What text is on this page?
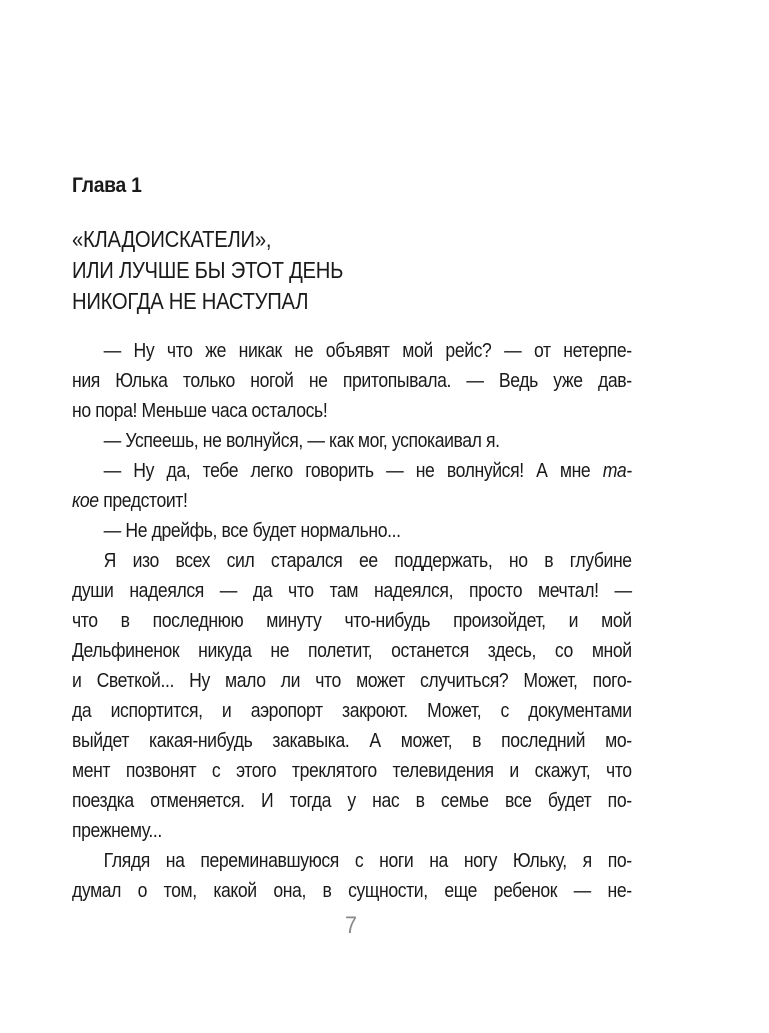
Глава 1
«КЛАДОИСКАТЕЛИ»,
ИЛИ ЛУЧШЕ БЫ ЭТОТ ДЕНЬ
НИКОГДА НЕ НАСТУПАЛ
— Ну что же никак не объявят мой рейс? — от нетерпе-
ния Юлька только ногой не притопывала. — Ведь уже дав-
но пора! Меньше часа осталось!
— Успеешь, не волнуйся, — как мог, успокаивал я.
— Ну да, тебе легко говорить — не волнуйся! А мне та-
кое предстоит!
— Не дрейфь, все будет нормально...
Я изо всех сил старался ее поддержать, но в глубине
души надеялся — да что там надеялся, просто мечтал! —
что в последнюю минуту что-нибудь произойдет, и мой
Дельфиненок никуда не полетит, останется здесь, со мной
и Светкой... Ну мало ли что может случиться? Может, пого-
да испортится, и аэропорт закроют. Может, с документами
выйдет какая-нибудь закавыка. А может, в последний мо-
мент позвонят с этого треклятого телевидения и скажут, что
поездка отменяется. И тогда у нас в семье все будет по-
прежнему...
Глядя на переминавшуюся с ноги на ногу Юльку, я по-
думал о том, какой она, в сущности, еще ребенок — не-
7
